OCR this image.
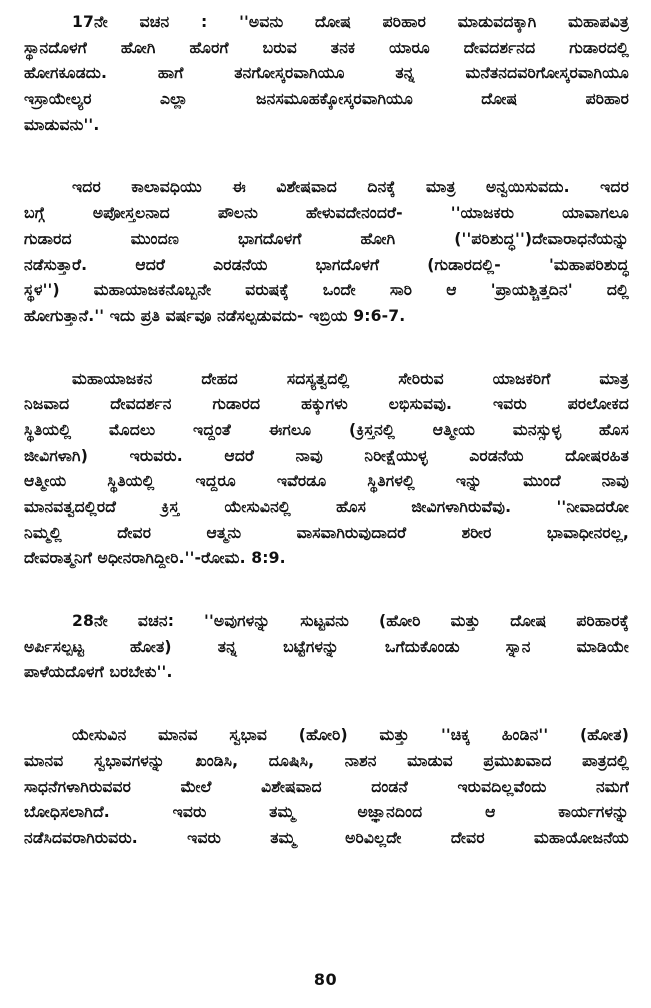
17ನೇ ವಚನ : ''ಅವನು ದೋಷ ಪರಿಹಾರ ಮಾಡುವದಕ್ಕಾಗಿ ಮಹಾಪವಿತ್ರ
ಸ್ಥಾನದೊಳಗೆ ಹೋಗಿ ಹೊರಗೆ ಬರುವ ತನಕ ಯಾರೂ ದೇವದರ್ಶನದ ಗುಡಾರದಲ್ಲಿ
ಹೋಗಕೂಡದು. ಹಾಗೆ ತನಗೋಸ್ಕರವಾಗಿಯೂ ತನ್ನ ಮನೆತನದವರಿಗೋಸ್ಕರವಾಗಿಯೂ
ಇಸ್ರಾಯೇಲ್ಯರ ಎಲ್ಲಾ ಜನಸಮೂಹಕ್ಕೋಸ್ಕರವಾಗಿಯೂ ದೋಷ ಪರಿಹಾರ
ಮಾಡುವನು''.
ಇದರ ಕಾಲಾವಧಿಯು ಈ ವಿಶೇಷವಾದ ದಿನಕ್ಕೆ ಮಾತ್ರ ಅನ್ವಯಿಸುವದು. ಇದರ
ಬಗ್ಗೆ ಅಪೋಸ್ತಲನಾದ ಪೌಲನು ಹೇಳುವದೇನಂದರೆ- ''ಯಾಜಕರು ಯಾವಾಗಲೂ
ಗುಡಾರದ ಮುಂದಣ ಭಾಗದೊಳಗೆ ಹೋಗಿ (''ಪರಿಶುದ್ಧ'')ದೇವಾರಾಧನೆಯನ್ನು
ನಡೆಸುತ್ತಾರೆ. ಆದರೆ ಎರಡನೆಯ ಭಾಗದೊಳಗೆ (ಗುಡಾರದಲ್ಲಿ- 'ಮಹಾಪರಿಶುದ್ಧ
ಸ್ಥಳ'') ಮಹಾಯಾಜಕನೊಬ್ಬನೇ ವರುಷಕ್ಕೆ ಒಂದೇ ಸಾರಿ ಆ 'ಪ್ರಾಯಶ್ಚಿತ್ತದಿನ' ದಲ್ಲಿ
ಹೋಗುತ್ತಾನೆ.'' ಇದು ಪ್ರತಿ ವರ್ಷವೂ ನಡೆಸಲ್ಪಡುವದು- ಇಬ್ರಿಯ 9:6-7.
ಮಹಾಯಾಜಕನ ದೇಹದ ಸದಸ್ಯತ್ವದಲ್ಲಿ ಸೇರಿರುವ ಯಾಜಕರಿಗೆ ಮಾತ್ರ
ನಿಜವಾದ ದೇವದರ್ಶನ ಗುಡಾರದ ಹಕ್ಕುಗಳು ಲಭಿಸುವವು. ಇವರು ಪರಲೋಕದ
ಸ್ಥಿತಿಯಲ್ಲಿ ಮೊದಲು ಇದ್ದಂತೆ ಈಗಲೂ (ಕ್ರಿಸ್ತನಲ್ಲಿ ಆತ್ಮೀಯ ಮನಸ್ಸುಳ್ಳ ಹೊಸ
ಜೀವಿಗಳಾಗಿ) ಇರುವರು. ಆದರೆ ನಾವು ನಿರೀಕ್ಷೆಯುಳ್ಳ ಎರಡನೆಯ ದೋಷರಹಿತ
ಆತ್ಮೀಯ ಸ್ಥಿತಿಯಲ್ಲಿ ಇದ್ದರೂ ಇವೆರಡೂ ಸ್ಥಿತಿಗಳಲ್ಲಿ ಇನ್ನು ಮುಂದೆ ನಾವು
ಮಾನವತ್ವದಲ್ಲಿರದೆ ಕ್ರಿಸ್ತ ಯೇಸುವಿನಲ್ಲಿ ಹೊಸ ಜೀವಿಗಳಾಗಿರುವೆವು. ''ನೀವಾದರೋ
ನಿಮ್ಮಲ್ಲಿ ದೇವರ ಆತ್ಮನು ವಾಸವಾಗಿರುವುದಾದರೆ ಶರೀರ ಭಾವಾಧೀನರಲ್ಲ,
ದೇವರಾತ್ಮನಿಗೆ ಅಧೀನರಾಗಿದ್ದೀರಿ.''-ರೋಮ. 8:9.
28ನೇ ವಚನ: ''ಅವುಗಳನ್ನು ಸುಟ್ಟವನು (ಹೋರಿ ಮತ್ತು ದೋಷ ಪರಿಹಾರಕ್ಕೆ
ಅರ್ಪಿಸಲ್ಪಟ್ಟ ಹೋತ) ತನ್ನ ಬಟ್ಟೆಗಳನ್ನು ಒಗೆದುಕೊಂಡು ಸ್ನಾನ ಮಾಡಿಯೇ
ಪಾಳೆಯದೊಳಗೆ ಬರಬೇಕು''.
ಯೇಸುವಿನ ಮಾನವ ಸ್ವಭಾವ (ಹೋರಿ) ಮತ್ತು ''ಚಿಕ್ಕ ಹಿಂಡಿನ'' (ಹೋತ)
ಮಾನವ ಸ್ವಭಾವಗಳನ್ನು ಖಂಡಿಸಿ, ದೂಷಿಸಿ, ನಾಶನ ಮಾಡುವ ಪ್ರಮುಖವಾದ ಪಾತ್ರದಲ್ಲಿ
ಸಾಧನೆಗಳಾಗಿರುವವರ ಮೇಲೆ ವಿಶೇಷವಾದ ದಂಡನೆ ಇರುವದಿಲ್ಲವೆಂದು ನಮಗೆ
ಬೋಧಿಸಲಾಗಿದೆ. ಇವರು ತಮ್ಮ ಅಜ್ಞಾನದಿಂದ ಆ ಕಾರ್ಯಗಳನ್ನು
ನಡೆಸಿದವರಾಗಿರುವರು. ಇವರು ತಮ್ಮ ಅರಿವಿಲ್ಲದೇ ದೇವರ ಮಹಾಯೋಜನೆಯ
80
